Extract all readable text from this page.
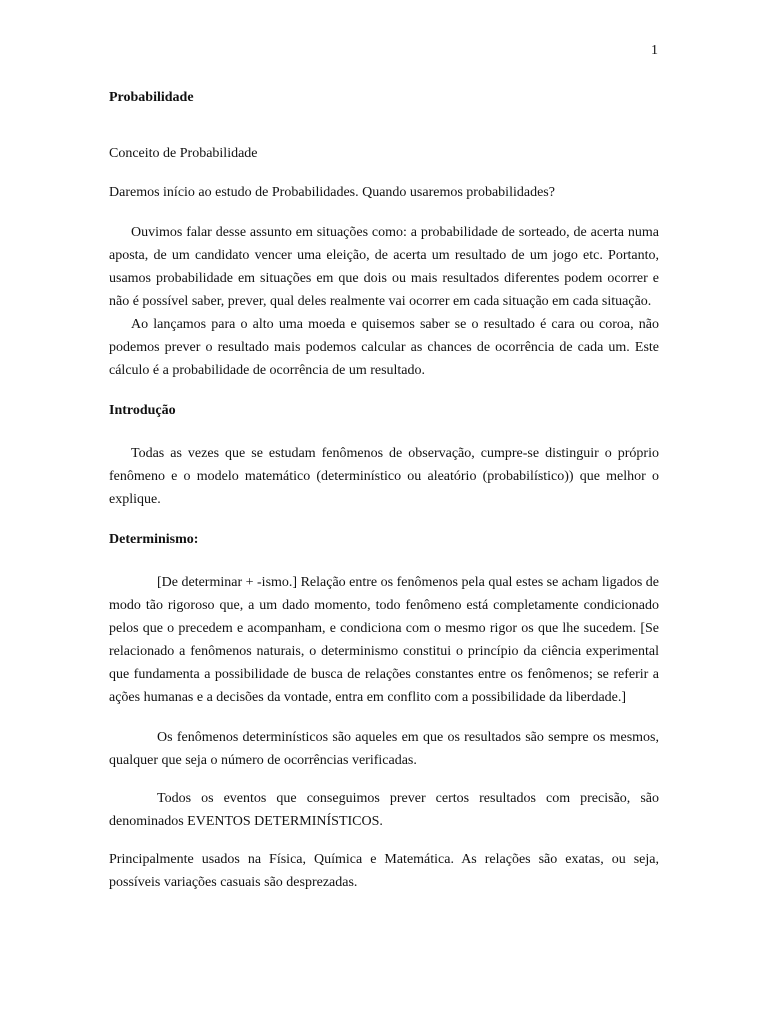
1

Probabilidade

Conceito de Probabilidade

Daremos início ao estudo de Probabilidades. Quando usaremos probabilidades?

Ouvimos falar desse assunto em situações como: a probabilidade de sorteado, de acerta numa aposta, de um candidato vencer uma eleição, de acerta um resultado de um jogo etc. Portanto, usamos probabilidade em situações em que dois ou mais resultados diferentes podem ocorrer e não é possível saber, prever, qual deles realmente vai ocorrer em cada situação em cada situação.

Ao lançamos para o alto uma moeda e quisemos saber se o resultado é cara ou coroa, não podemos prever o resultado mais podemos calcular as chances de ocorrência de cada um. Este cálculo é a probabilidade de ocorrência de um resultado.

Introdução

Todas as vezes que se estudam fenômenos de observação, cumpre-se distinguir o próprio fenômeno e o modelo matemático (determinístico ou aleatório (probabilístico)) que melhor o explique.

Determinismo:

[De determinar + -ismo.] Relação entre os fenômenos pela qual estes se acham ligados de modo tão rigoroso que, a um dado momento, todo fenômeno está completamente condicionado pelos que o precedem e acompanham, e condiciona com o mesmo rigor os que lhe sucedem. [Se relacionado a fenômenos naturais, o determinismo constitui o princípio da ciência experimental que fundamenta a possibilidade de busca de relações constantes entre os fenômenos; se referir a ações humanas e a decisões da vontade, entra em conflito com a possibilidade da liberdade.]

Os fenômenos determinísticos são aqueles em que os resultados são sempre os mesmos, qualquer que seja o número de ocorrências verificadas.

Todos os eventos que conseguimos prever certos resultados com precisão, são denominados EVENTOS DETERMINÍSTICOS.

Principalmente usados na Física, Química e Matemática. As relações são exatas, ou seja, possíveis variações casuais são desprezadas.
